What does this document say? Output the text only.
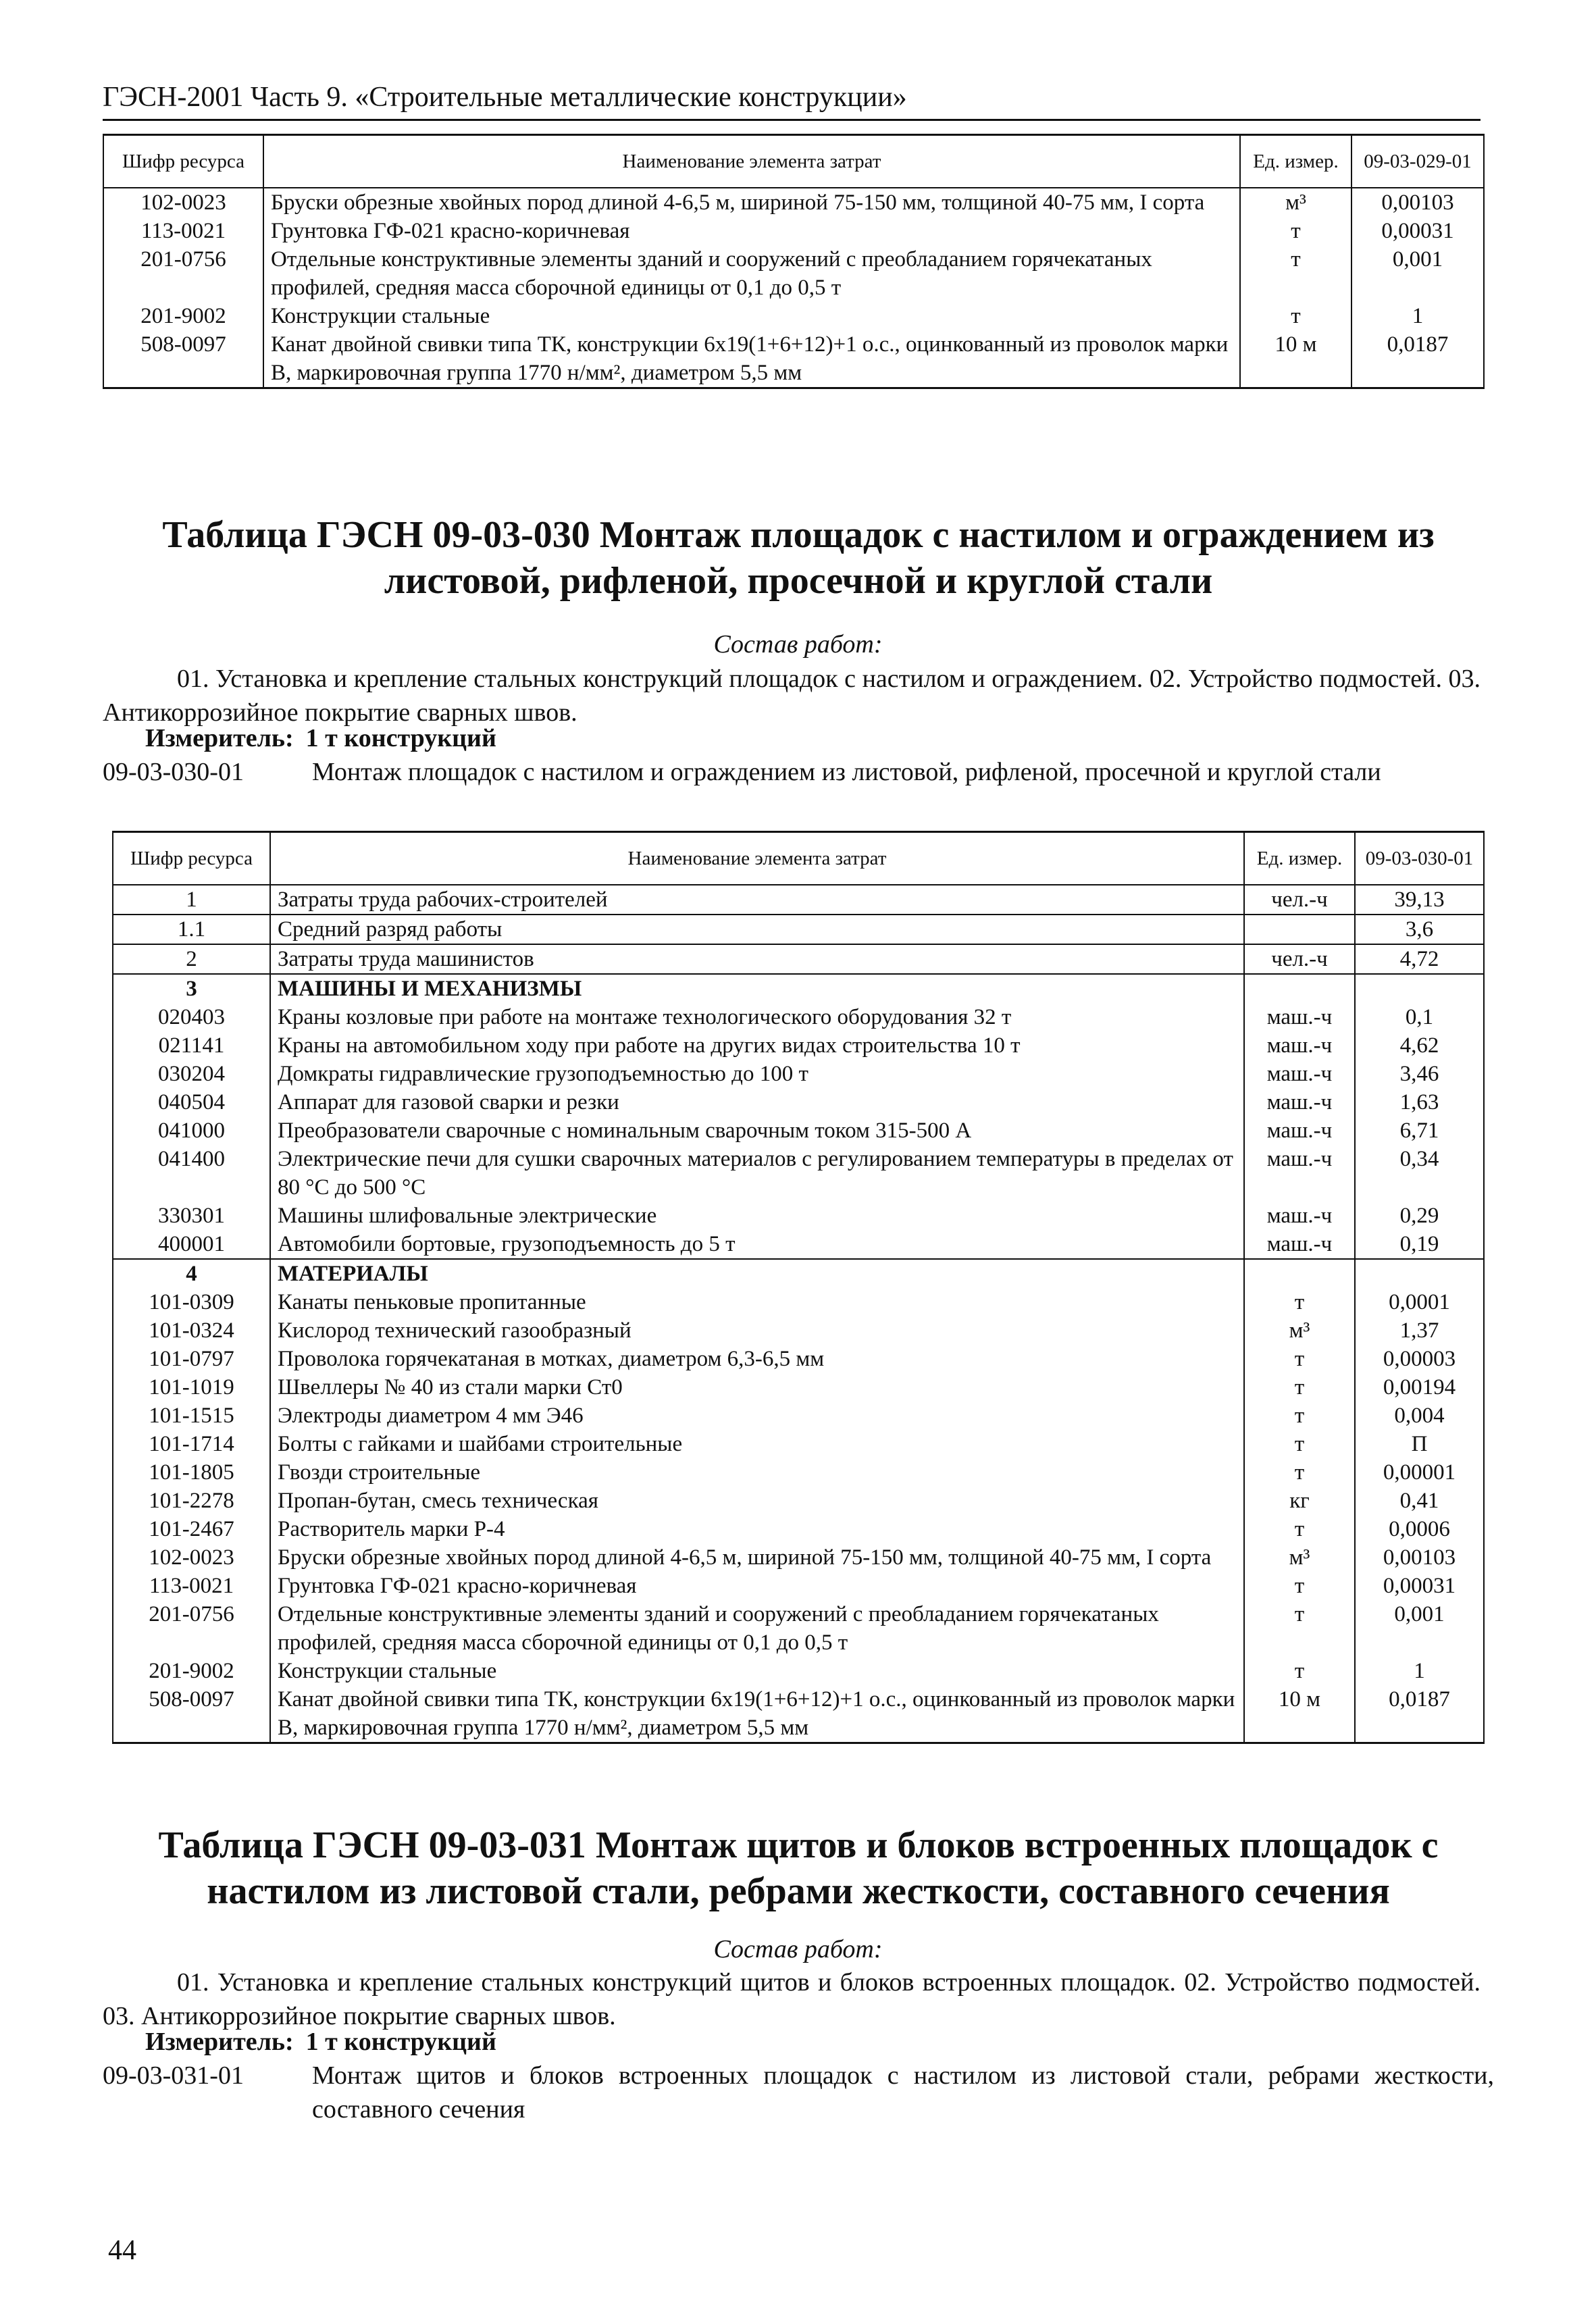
ГЭСН-2001 Часть 9. «Строительные металлические конструкции»
Шифр ресурса	Наименование элемента затрат	Ед. измер.	09-03-029-01
102-0023	Бруски обрезные хвойных пород длиной 4-6,5 м, шириной 75-150 мм, толщиной 40-75 мм, I сорта	м³	0,00103
113-0021	Грунтовка ГФ-021 красно-коричневая	т	0,00031
201-0756	Отдельные конструктивные элементы зданий и сооружений с преобладанием горячекатаных профилей, средняя масса сборочной единицы от 0,1 до 0,5 т	т	0,001
201-9002	Конструкции стальные	т	1
508-0097	Канат двойной свивки типа ТК, конструкции 6х19(1+6+12)+1 о.с., оцинкованный из проволок марки В, маркировочная группа 1770 н/мм², диаметром 5,5 мм	10 м	0,0187
Таблица ГЭСН 09-03-030 Монтаж площадок с настилом и ограждением из листовой, рифленой, просечной и круглой стали
Состав работ:
01. Установка и крепление стальных конструкций площадок с настилом и ограждением. 02. Устройство подмостей. 03. Антикоррозийное покрытие сварных швов.
Измеритель: 1 т конструкций
09-03-030-01	Монтаж площадок с настилом и ограждением из листовой, рифленой, просечной и круглой стали
Шифр ресурса	Наименование элемента затрат	Ед. измер.	09-03-030-01
1	Затраты труда рабочих-строителей	чел.-ч	39,13
1.1	Средний разряд работы		3,6
2	Затраты труда машинистов	чел.-ч	4,72
3	МАШИНЫ И МЕХАНИЗМЫ		
020403	Краны козловые при работе на монтаже технологического оборудования 32 т	маш.-ч	0,1
021141	Краны на автомобильном ходу при работе на других видах строительства 10 т	маш.-ч	4,62
030204	Домкраты гидравлические грузоподъемностью до 100 т	маш.-ч	3,46
040504	Аппарат для газовой сварки и резки	маш.-ч	1,63
041000	Преобразователи сварочные с номинальным сварочным током 315-500 А	маш.-ч	6,71
041400	Электрические печи для сушки сварочных материалов с регулированием температуры в пределах от 80 °С до 500 °С	маш.-ч	0,34
330301	Машины шлифовальные электрические	маш.-ч	0,29
400001	Автомобили бортовые, грузоподъемность до 5 т	маш.-ч	0,19
4	МАТЕРИАЛЫ		
101-0309	Канаты пеньковые пропитанные	т	0,0001
101-0324	Кислород технический газообразный	м³	1,37
101-0797	Проволока горячекатаная в мотках, диаметром 6,3-6,5 мм	т	0,00003
101-1019	Швеллеры № 40 из стали марки Ст0	т	0,00194
101-1515	Электроды диаметром 4 мм Э46	т	0,004
101-1714	Болты с гайками и шайбами строительные	т	П
101-1805	Гвозди строительные	т	0,00001
101-2278	Пропан-бутан, смесь техническая	кг	0,41
101-2467	Растворитель марки Р-4	т	0,0006
102-0023	Бруски обрезные хвойных пород длиной 4-6,5 м, шириной 75-150 мм, толщиной 40-75 мм, I сорта	м³	0,00103
113-0021	Грунтовка ГФ-021 красно-коричневая	т	0,00031
201-0756	Отдельные конструктивные элементы зданий и сооружений с преобладанием горячекатаных профилей, средняя масса сборочной единицы от 0,1 до 0,5 т	т	0,001
201-9002	Конструкции стальные	т	1
508-0097	Канат двойной свивки типа ТК, конструкции 6х19(1+6+12)+1 о.с., оцинкованный из проволок марки В, маркировочная группа 1770 н/мм², диаметром 5,5 мм	10 м	0,0187
Таблица ГЭСН 09-03-031 Монтаж щитов и блоков встроенных площадок с настилом из листовой стали, ребрами жесткости, составного сечения
Состав работ:
01. Установка и крепление стальных конструкций щитов и блоков встроенных площадок. 02. Устройство подмостей. 03. Антикоррозийное покрытие сварных швов.
Измеритель: 1 т конструкций
09-03-031-01	Монтаж щитов и блоков встроенных площадок с настилом из листовой стали, ребрами жесткости, составного сечения
44
